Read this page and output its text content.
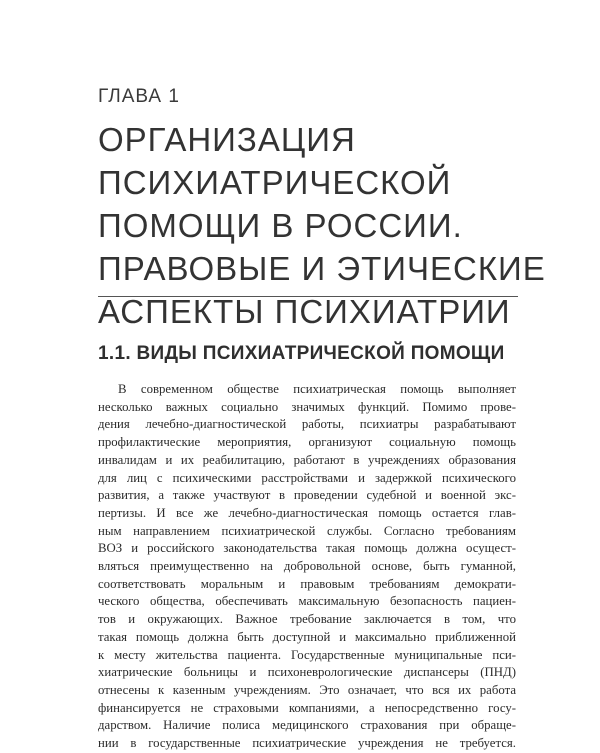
ГЛАВА 1
ОРГАНИЗАЦИЯ
ПСИХИАТРИЧЕСКОЙ
ПОМОЩИ В РОССИИ.
ПРАВОВЫЕ И ЭТИЧЕСКИЕ
АСПЕКТЫ ПСИХИАТРИИ
1.1. ВИДЫ ПСИХИАТРИЧЕСКОЙ ПОМОЩИ
В современном обществе психиатрическая помощь выполняет
несколько важных социально значимых функций. Помимо прове-
дения лечебно-диагностической работы, психиатры разрабатывают
профилактические мероприятия, организуют социальную помощь
инвалидам и их реабилитацию, работают в учреждениях образования
для лиц с психическими расстройствами и задержкой психического
развития, а также участвуют в проведении судебной и военной экс-
пертизы. И все же лечебно-диагностическая помощь остается глав-
ным направлением психиатрической службы. Согласно требованиям
ВОЗ и российского законодательства такая помощь должна осущест-
вляться преимущественно на добровольной основе, быть гуманной,
соответствовать моральным и правовым требованиям демократи-
ческого общества, обеспечивать максимальную безопасность пациен-
тов и окружающих. Важное требование заключается в том, что
такая помощь должна быть доступной и максимально приближенной
к месту жительства пациента. Государственные муниципальные пси-
хиатрические больницы и психоневрологические диспансеры (ПНД)
отнесены к казенным учреждениям. Это означает, что вся их работа
финансируется не страховыми компаниями, а непосредственно госу-
дарством. Наличие полиса медицинского страхования при обраще-
нии в государственные психиатрические учреждения не требуется.
